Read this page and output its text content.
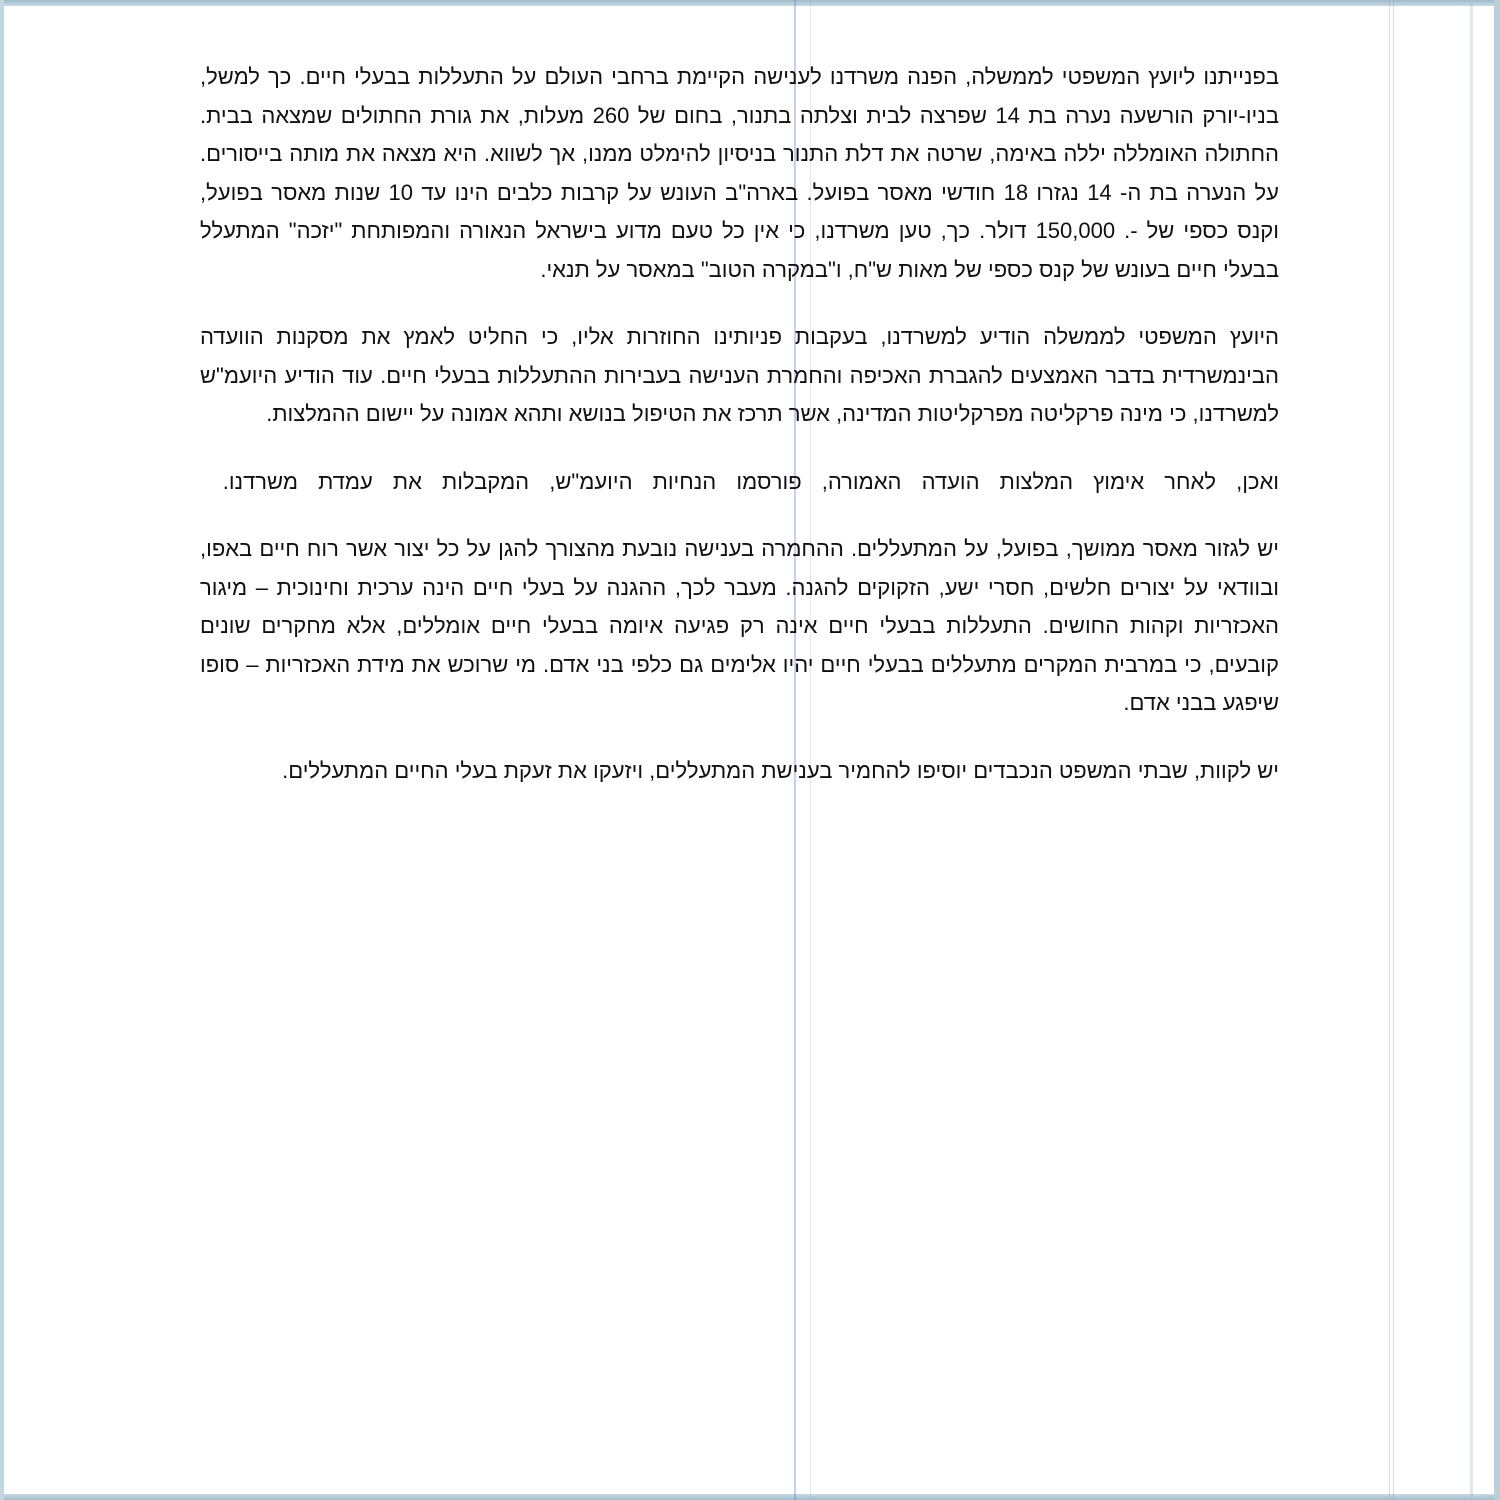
בפנייתנו ליועץ המשפטי לממשלה, הפנה משרדנו לענישה הקיימת ברחבי העולם על התעללות בבעלי חיים. כך למשל, בניו-יורק הורשעה נערה בת 14 שפרצה לבית וצלתה בתנור, בחום של 260 מעלות, את גורת החתולים שמצאה בבית. החתולה האומללה יללה באימה, שרטה את דלת התנור בניסיון להימלט ממנו, אך לשווא. היא מצאה את מותה בייסורים. על הנערה בת ה- 14 נגזרו 18 חודשי מאסר בפועל. בארה"ב העונש על קרבות כלבים הינו עד 10 שנות מאסר בפועל, וקנס כספי של -. 150,000 דולר. כך, טען משרדנו, כי אין כל טעם מדוע בישראל הנאורה והמפותחת "יזכה" המתעלל בבעלי חיים בעונש של קנס כספי של מאות ש"ח, ו"במקרה הטוב" במאסר על תנאי.

היועץ המשפטי לממשלה הודיע למשרדנו, בעקבות פניותינו החוזרות אליו, כי החליט לאמץ את מסקנות הוועדה הבינמשרדית בדבר האמצעים להגברת האכיפה והחמרת הענישה בעבירות ההתעללות בבעלי חיים. עוד הודיע היועמ"ש למשרדנו, כי מינה פרקליטה מפרקליטות המדינה, אשר תרכז את הטיפול בנושא ותהא אמונה על יישום ההמלצות.

ואכן, לאחר אימוץ המלצות הועדה האמורה, פורסמו הנחיות היועמ"ש, המקבלות את עמדת משרדנו.

יש לגזור מאסר ממושך, בפועל, על המתעללים. ההחמרה בענישה נובעת מהצורך להגן על כל יצור אשר רוח חיים באפו, ובוודאי על יצורים חלשים, חסרי ישע, הזקוקים להגנה. מעבר לכך, ההגנה על בעלי חיים הינה ערכית וחינוכית – מיגור האכזריות וקהות החושים. התעללות בבעלי חיים אינה רק פגיעה איומה בבעלי חיים אומללים, אלא מחקרים שונים קובעים, כי במרבית המקרים מתעללים בבעלי חיים יהיו אלימים גם כלפי בני אדם. מי שרוכש את מידת האכזריות – סופו שיפגע בבני אדם.

יש לקוות, שבתי המשפט הנכבדים יוסיפו להחמיר בענישת המתעללים, ויזעקו את זעקת בעלי החיים המתעללים.
